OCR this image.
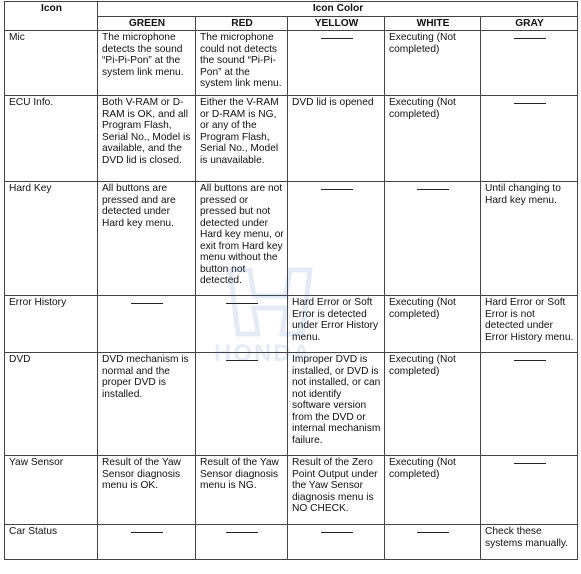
Icon	Icon Color				
	GREEN	RED	YELLOW	WHITE	GRAY
Mic	The microphone detects the sound “Pi-Pi-Pon” at the system link menu.	The microphone could not detects the sound “Pi-Pi-Pon” at the system link menu.		Executing (Not completed)	

ECU Info.	Both V-RAM or D-RAM is OK, and all Program Flash, Serial No., Model is available, and the DVD lid is closed.	Either the V-RAM or D-RAM is NG, or any of the Program Flash, Serial No., Model is unavailable.	DVD lid is opened	Executing (Not completed)	

Hard Key	All buttons are pressed and are detected under Hard key menu.	All buttons are not pressed or pressed but not detected under Hard key menu, or exit from Hard key menu without the button not detected.			Until changing to Hard key menu.
Error History			Hard Error or Soft Error is detected under Error History menu.	Executing (Not completed)	Hard Error or Soft Error is not detected under Error History menu.
DVD	DVD mechanism is normal and the proper DVD is installed.		Improper DVD is installed, or DVD is not installed, or can not identify software version from the DVD or internal mechanism failure.	Executing (Not completed)	

Yaw Sensor	Result of the Yaw Sensor diagnosis menu is OK.	Result of the Yaw Sensor diagnosis menu is NG.	Result of the Zero Point Output under the Yaw Sensor diagnosis menu is NO CHECK.	Executing (Not completed)	

Car Status					Check these systems manually.
HONDA
